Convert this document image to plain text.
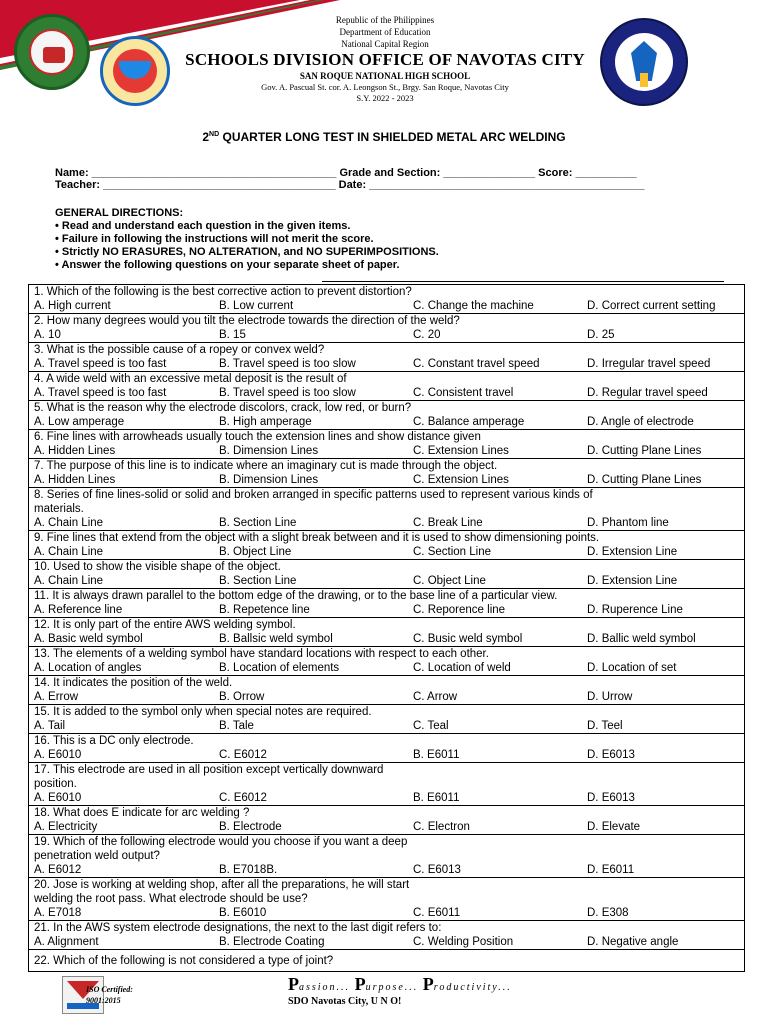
Republic of the Philippines
Department of Education
National Capital Region
SCHOOLS DIVISION OFFICE OF NAVOTAS CITY
SAN ROQUE NATIONAL HIGH SCHOOL
Gov. A. Pascual St. cor. A. Leongson St., Brgy. San Roque, Navotas City
S.Y. 2022 - 2023
2ND QUARTER LONG TEST IN SHIELDED METAL ARC WELDING
Name: ________________________________________ Grade and Section: _______________ Score: __________
Teacher: ______________________________________ Date: _____________________________________________
GENERAL DIRECTIONS:
• Read and understand each question in the given items.
• Failure in following the instructions will not merit the score.
• Strictly NO ERASURES, NO ALTERATION, and NO SUPERIMPOSITIONS.
• Answer the following questions on your separate sheet of paper.
1. Which of the following is the best corrective action to prevent distortion?
A. High current	B. Low current	C. Change the machine	D. Correct current setting
2. How many degrees would you tilt the electrode towards the direction of the weld?
A. 10	B. 15	C. 20	D. 25
3. What is the possible cause of a ropey or convex weld?
A. Travel speed is too fast	B. Travel speed is too slow	C. Constant travel speed	D. Irregular travel speed
4. A wide weld with an excessive metal deposit is the result of
A. Travel speed is too fast	B. Travel speed is too slow	C. Consistent travel	D. Regular travel speed
5. What is the reason why the electrode discolors, crack, low red, or burn?
A. Low amperage	B. High amperage	C. Balance amperage	D. Angle of electrode
6. Fine lines with arrowheads usually touch the extension lines and show distance given
A. Hidden Lines	B. Dimension Lines	C. Extension Lines	D. Cutting Plane Lines
7. The purpose of this line is to indicate where an imaginary cut is made through the object.
A. Hidden Lines	B. Dimension Lines	C. Extension Lines	D. Cutting Plane Lines
8. Series of fine lines-solid or solid and broken arranged in specific patterns used to represent various kinds of
materials.
A. Chain Line	B. Section Line	C. Break Line	D. Phantom line
9. Fine lines that extend from the object with a slight break between and it is used to show dimensioning points.
A. Chain Line	B. Object Line	C. Section Line	D. Extension Line
10. Used to show the visible shape of the object.
A. Chain Line	B. Section Line	C. Object Line	D. Extension Line
11. It is always drawn parallel to the bottom edge of the drawing, or to the base line of a particular view.
A. Reference line	B. Repetence line	C. Reporence line	D. Ruperence Line
12. It is only part of the entire AWS welding symbol.
A. Basic weld symbol	B. Ballsic weld symbol	C. Busic weld symbol	D. Ballic weld symbol
13. The elements of a welding symbol have standard locations with respect to each other.
A. Location of angles	B. Location of elements	C. Location of weld	D. Location of set
14. It indicates the position of the weld.
A. Errow	B. Orrow	C. Arrow	D. Urrow
15. It is added to the symbol only when special notes are required.
A. Tail	B. Tale	C. Teal	D. Teel
16. This is a DC only electrode.
A. E6010	C. E6012	B. E6011	D. E6013
17. This electrode are used in all position except vertically downward
position.
A. E6010	C. E6012	B. E6011	D. E6013
18. What does E indicate for arc welding ?
A. Electricity	B. Electrode	C. Electron	D. Elevate
19. Which of the following electrode would you choose if you want a deep
penetration weld output?
A. E6012	B. E7018B.	C. E6013	D. E6011
20. Jose is working at welding shop, after all the preparations, he will start
welding the root pass. What electrode should be use?
A. E7018	B. E6010	C. E6011	D. E308
21. In the AWS system electrode designations, the next to the last digit refers to:
A. Alignment	B. Electrode Coating	C. Welding Position	D. Negative angle
22. Which of the following is not considered a type of joint?
ISO Certified:
9001:2015
Passion... Purpose... Productivity...
SDO Navotas City, U N O!
